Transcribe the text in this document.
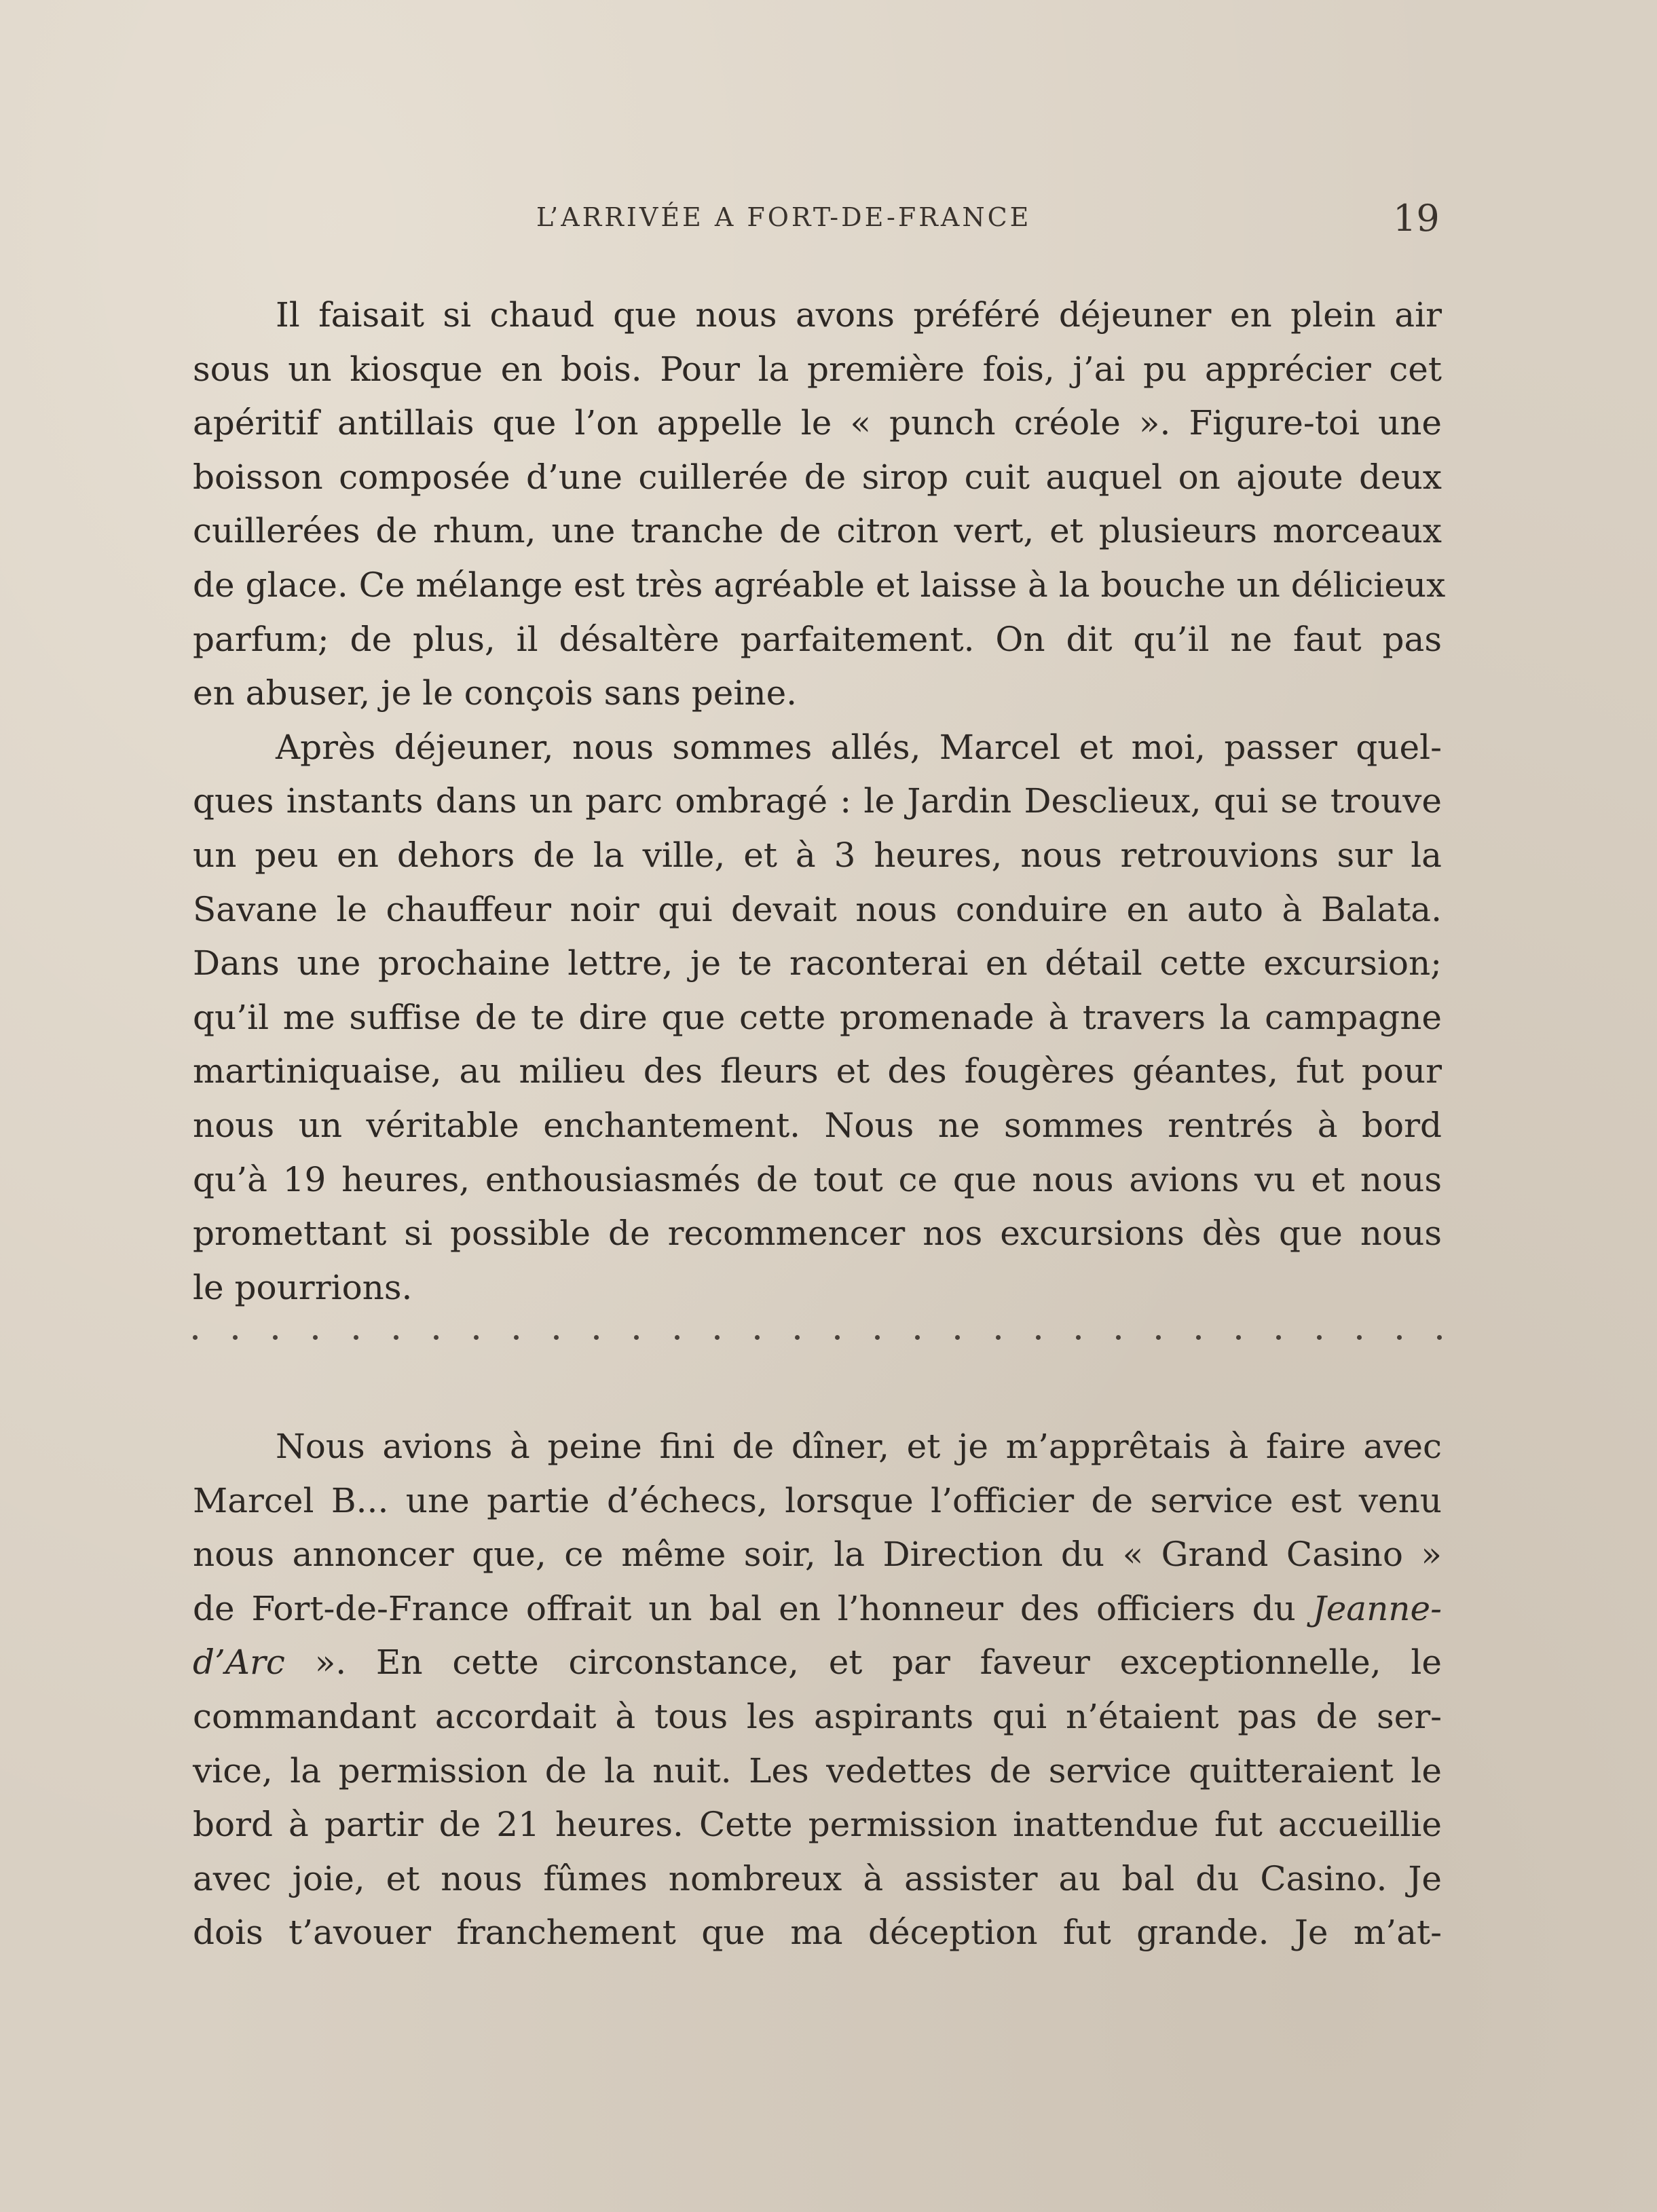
L’ARRIVÉE A FORT-DE-FRANCE	19
Il faisait si chaud que nous avons préféré déjeuner en plein air
sous un kiosque en bois. Pour la première fois, j’ai pu apprécier cet
apéritif antillais que l’on appelle le « punch créole ». Figure-toi une
boisson composée d’une cuillerée de sirop cuit auquel on ajoute deux
cuillerées de rhum, une tranche de citron vert, et plusieurs morceaux
de glace. Ce mélange est très agréable et laisse à la bouche un délicieux
parfum; de plus, il désaltère parfaitement. On dit qu’il ne faut pas
en abuser, je le conçois sans peine.
Après déjeuner, nous sommes allés, Marcel et moi, passer quel-
ques instants dans un parc ombragé : le Jardin Desclieux, qui se trouve
un peu en dehors de la ville, et à 3 heures, nous retrouvions sur la
Savane le chauffeur noir qui devait nous conduire en auto à Balata.
Dans une prochaine lettre, je te raconterai en détail cette excursion;
qu’il me suffise de te dire que cette promenade à travers la campagne
martiniquaise, au milieu des fleurs et des fougères géantes, fut pour
nous un véritable enchantement. Nous ne sommes rentrés à bord
qu’à 19 heures, enthousiasmés de tout ce que nous avions vu et nous
promettant si possible de recommencer nos excursions dès que nous
le pourrions.
Nous avions à peine fini de dîner, et je m’apprêtais à faire avec
Marcel B... une partie d’échecs, lorsque l’officier de service est venu
nous annoncer que, ce même soir, la Direction du « Grand Casino »
de Fort-de-France offrait un bal en l’honneur des officiers du Jeanne-
d’Arc ». En cette circonstance, et par faveur exceptionnelle, le
commandant accordait à tous les aspirants qui n’étaient pas de ser-
vice, la permission de la nuit. Les vedettes de service quitteraient le
bord à partir de 21 heures. Cette permission inattendue fut accueillie
avec joie, et nous fûmes nombreux à assister au bal du Casino. Je
dois t’avouer franchement que ma déception fut grande. Je m’at-
